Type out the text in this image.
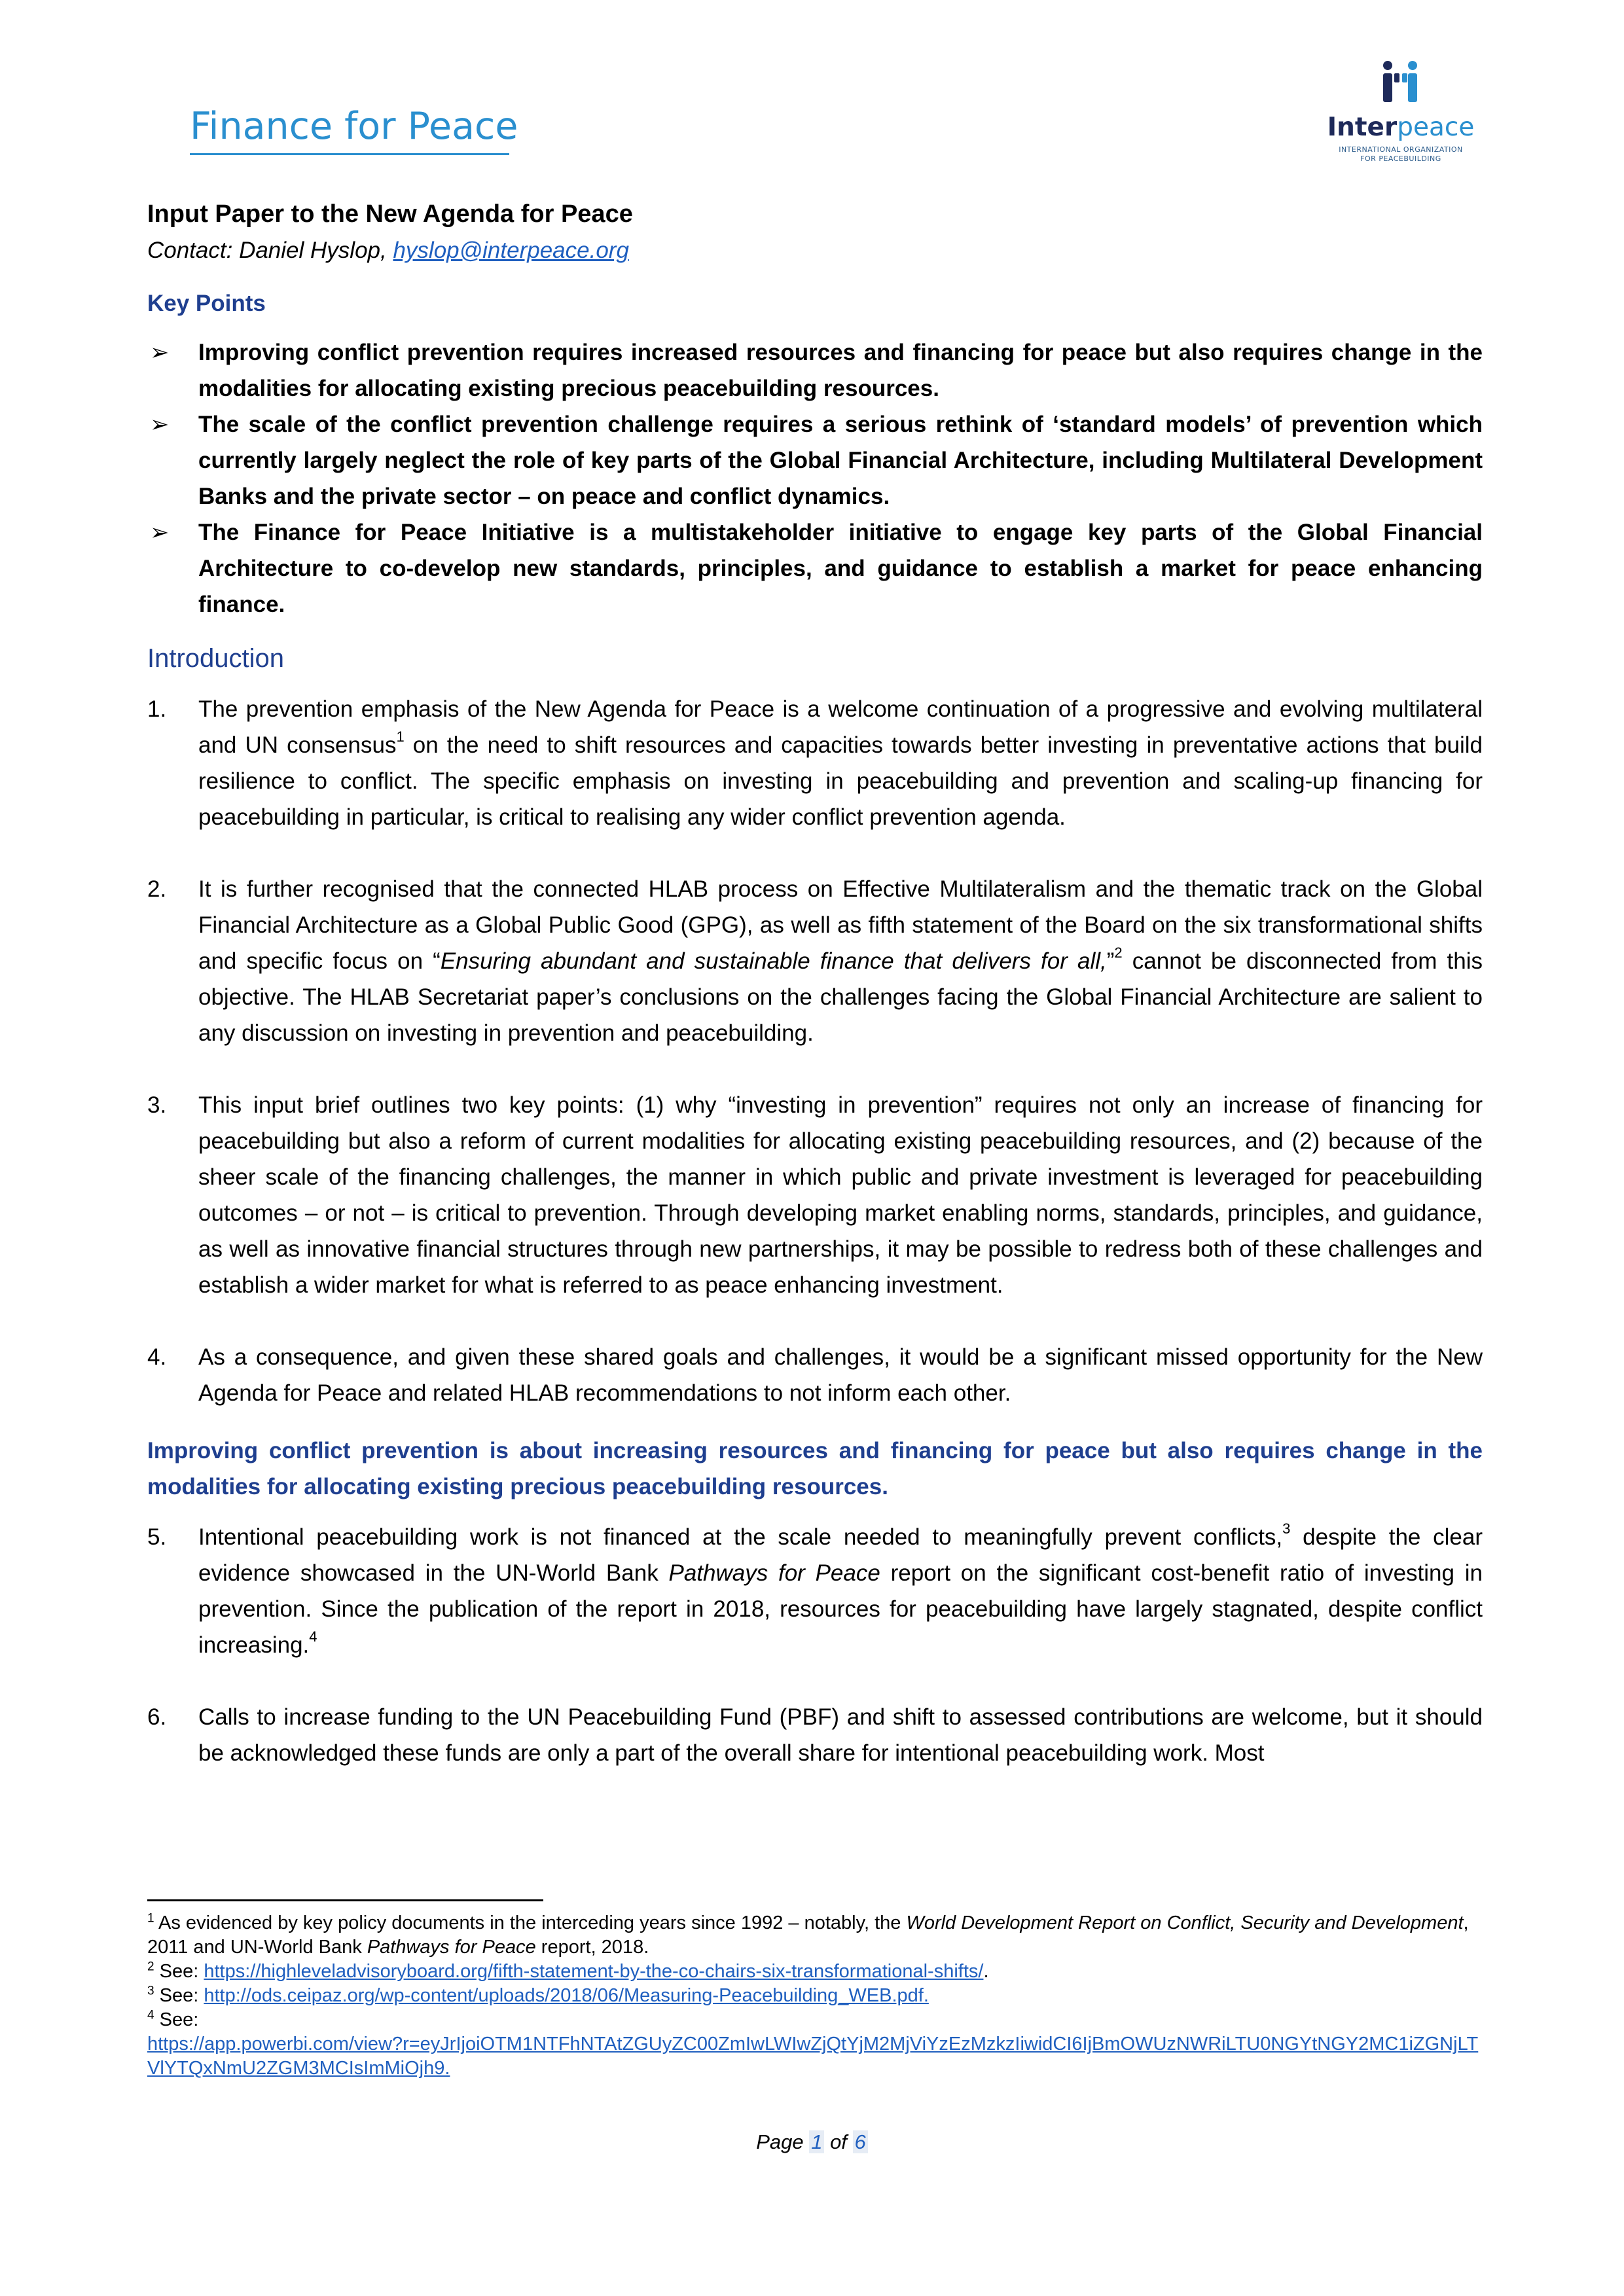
Finance for Peace	Interpeace
INTERNATIONAL ORGANIZATION
FOR PEACEBUILDING

Input Paper to the New Agenda for Peace

Contact: Daniel Hyslop, hyslop@interpeace.org

Key Points
➢ Improving conflict prevention requires increased resources and financing for peace but also requires change in the modalities for allocating existing precious peacebuilding resources.
➢ The scale of the conflict prevention challenge requires a serious rethink of ‘standard models’ of prevention which currently largely neglect the role of key parts of the Global Financial Architecture, including Multilateral Development Banks and the private sector – on peace and conflict dynamics.
➢ The Finance for Peace Initiative is a multistakeholder initiative to engage key parts of the Global Financial Architecture to co-develop new standards, principles, and guidance to establish a market for peace enhancing finance.
Introduction
1. The prevention emphasis of the New Agenda for Peace is a welcome continuation of a progressive and evolving multilateral and UN consensus$^1$ on the need to shift resources and capacities towards better investing in preventative actions that build resilience to conflict. The specific emphasis on investing in peacebuilding and prevention and scaling-up financing for peacebuilding in particular, is critical to realising any wider conflict prevention agenda.
2. It is further recognised that the connected HLAB process on Effective Multilateralism and the thematic track on the Global Financial Architecture as a Global Public Good (GPG), as well as fifth statement of the Board on the six transformational shifts and specific focus on “Ensuring abundant and sustainable finance that delivers for all,”$^2$ cannot be disconnected from this objective. The HLAB Secretariat paper’s conclusions on the challenges facing the Global Financial Architecture are salient to any discussion on investing in prevention and peacebuilding.
3. This input brief outlines two key points: (1) why “investing in prevention” requires not only an increase of financing for peacebuilding but also a reform of current modalities for allocating existing peacebuilding resources, and (2) because of the sheer scale of the financing challenges, the manner in which public and private investment is leveraged for peacebuilding outcomes – or not – is critical to prevention. Through developing market enabling norms, standards, principles, and guidance, as well as innovative financial structures through new partnerships, it may be possible to redress both of these challenges and establish a wider market for what is referred to as peace enhancing investment.
4. As a consequence, and given these shared goals and challenges, it would be a significant missed opportunity for the New Agenda for Peace and related HLAB recommendations to not inform each other.
Improving conflict prevention is about increasing resources and financing for peace but also requires change in the modalities for allocating existing precious peacebuilding resources.
5. Intentional peacebuilding work is not financed at the scale needed to meaningfully prevent conflicts,$^3$ despite the clear evidence showcased in the UN-World Bank Pathways for Peace report on the significant cost-benefit ratio of investing in prevention. Since the publication of the report in 2018, resources for peacebuilding have largely stagnated, despite conflict increasing.$^4$
6. Calls to increase funding to the UN Peacebuilding Fund (PBF) and shift to assessed contributions are welcome, but it should be acknowledged these funds are only a part of the overall share for intentional peacebuilding work. Most

$^1$ As evidenced by key policy documents in the interceding years since 1992 – notably, the World Development Report on Conflict, Security and Development, 2011 and UN-World Bank Pathways for Peace report, 2018.

$^2$ See: https://highleveladvisoryboard.org/fifth-statement-by-the-co-chairs-six-transformational-shifts/.

$^3$ See: http://ods.ceipaz.org/wp-content/uploads/2018/06/Measuring-Peacebuilding_WEB.pdf.

$^4$ See:
https://app.powerbi.com/view?r=eyJrIjoiOTM1NTFhNTAtZGUyZC00ZmIwLWIwZjQtYjM2MjViYzEzMzkzIiwidCI6IjBmOWUzNWRiLTU0NGYtNGY2MC1iZGNjLTVlYTQxNmU2ZGM3MCIsImMiOjh9.

Page 1 of 6
